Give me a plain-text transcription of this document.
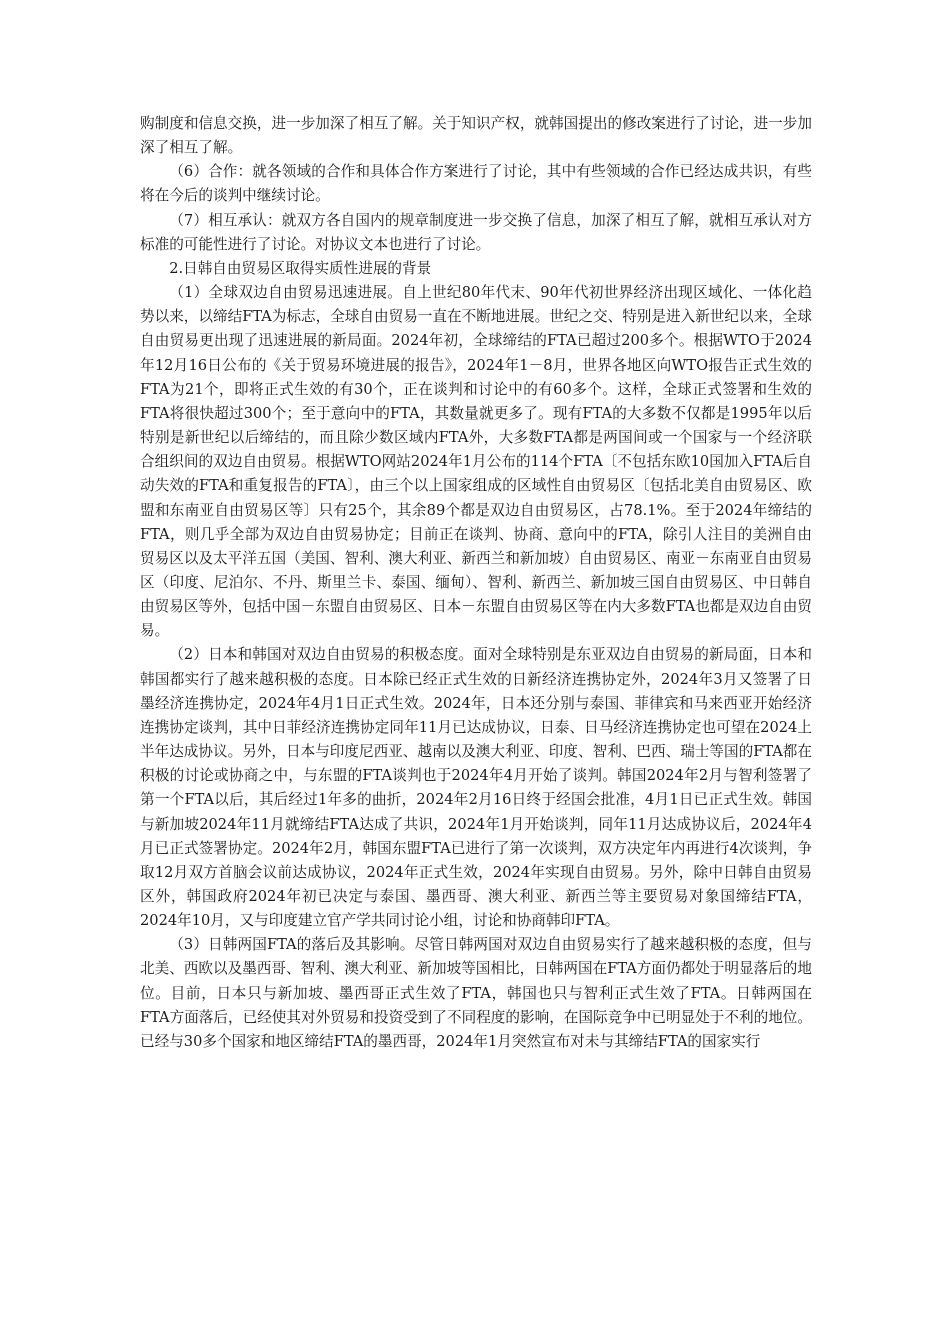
购制度和信息交换，进一步加深了相互了解。关于知识产权，就韩国提出的修改案进行了讨论，进一步加深了相互了解。

（6）合作：就各领域的合作和具体合作方案进行了讨论，其中有些领域的合作已经达成共识，有些将在今后的谈判中继续讨论。

（7）相互承认：就双方各自国内的规章制度进一步交换了信息，加深了相互了解，就相互承认对方标准的可能性进行了讨论。对协议文本也进行了讨论。

2.日韩自由贸易区取得实质性进展的背景

（1）全球双边自由贸易迅速进展。自上世纪80年代末、90年代初世界经济出现区域化、一体化趋势以来，以缔结FTA为标志，全球自由贸易一直在不断地进展。世纪之交、特别是进入新世纪以来，全球自由贸易更出现了迅速进展的新局面。2024年初，全球缔结的FTA已超过200多个。根据WTO于2024年12月16日公布的《关于贸易环境进展的报告》，2024年1－8月，世界各地区向WTO报告正式生效的FTA为21个，即将正式生效的有30个，正在谈判和讨论中的有60多个。这样，全球正式签署和生效的FTA将很快超过300个；至于意向中的FTA，其数量就更多了。现有FTA的大多数不仅都是1995年以后特别是新世纪以后缔结的，而且除少数区域内FTA外，大多数FTA都是两国间或一个国家与一个经济联合组织间的双边自由贸易。根据WTO网站2024年1月公布的114个FTA〔不包括东欧10国加入FTA后自动失效的FTA和重复报告的FTA〕，由三个以上国家组成的区域性自由贸易区〔包括北美自由贸易区、欧盟和东南亚自由贸易区等〕只有25个，其余89个都是双边自由贸易区，占78.1%。至于2024年缔结的FTA，则几乎全部为双边自由贸易协定；目前正在谈判、协商、意向中的FTA，除引人注目的美洲自由贸易区以及太平洋五国（美国、智利、澳大利亚、新西兰和新加坡）自由贸易区、南亚－东南亚自由贸易区（印度、尼泊尔、不丹、斯里兰卡、泰国、缅甸）、智利、新西兰、新加坡三国自由贸易区、中日韩自由贸易区等外，包括中国－东盟自由贸易区、日本－东盟自由贸易区等在内大多数FTA也都是双边自由贸易。

（2）日本和韩国对双边自由贸易的积极态度。面对全球特别是东亚双边自由贸易的新局面，日本和韩国都实行了越来越积极的态度。日本除已经正式生效的日新经济连携协定外，2024年3月又签署了日墨经济连携协定，2024年4月1日正式生效。2024年，日本还分别与泰国、菲律宾和马来西亚开始经济连携协定谈判，其中日菲经济连携协定同年11月已达成协议，日泰、日马经济连携协定也可望在2024上半年达成协议。另外，日本与印度尼西亚、越南以及澳大利亚、印度、智利、巴西、瑞士等国的FTA都在积极的讨论或协商之中，与东盟的FTA谈判也于2024年4月开始了谈判。韩国2024年2月与智利签署了第一个FTA以后，其后经过1年多的曲折，2024年2月16日终于经国会批准，4月1日已正式生效。韩国与新加坡2024年11月就缔结FTA达成了共识，2024年1月开始谈判，同年11月达成协议后，2024年4月已正式签署协定。2024年2月，韩国东盟FTA已进行了第一次谈判，双方决定年内再进行4次谈判，争取12月双方首脑会议前达成协议，2024年正式生效，2024年实现自由贸易。另外，除中日韩自由贸易区外，韩国政府2024年初已决定与泰国、墨西哥、澳大利亚、新西兰等主要贸易对象国缔结FTA，2024年10月，又与印度建立官产学共同讨论小组，讨论和协商韩印FTA。

（3）日韩两国FTA的落后及其影响。尽管日韩两国对双边自由贸易实行了越来越积极的态度，但与北美、西欧以及墨西哥、智利、澳大利亚、新加坡等国相比，日韩两国在FTA方面仍都处于明显落后的地位。目前，日本只与新加坡、墨西哥正式生效了FTA，韩国也只与智利正式生效了FTA。日韩两国在FTA方面落后，已经使其对外贸易和投资受到了不同程度的影响，在国际竞争中已明显处于不利的地位。已经与30多个国家和地区缔结FTA的墨西哥，2024年1月突然宣布对未与其缔结FTA的国家实行
